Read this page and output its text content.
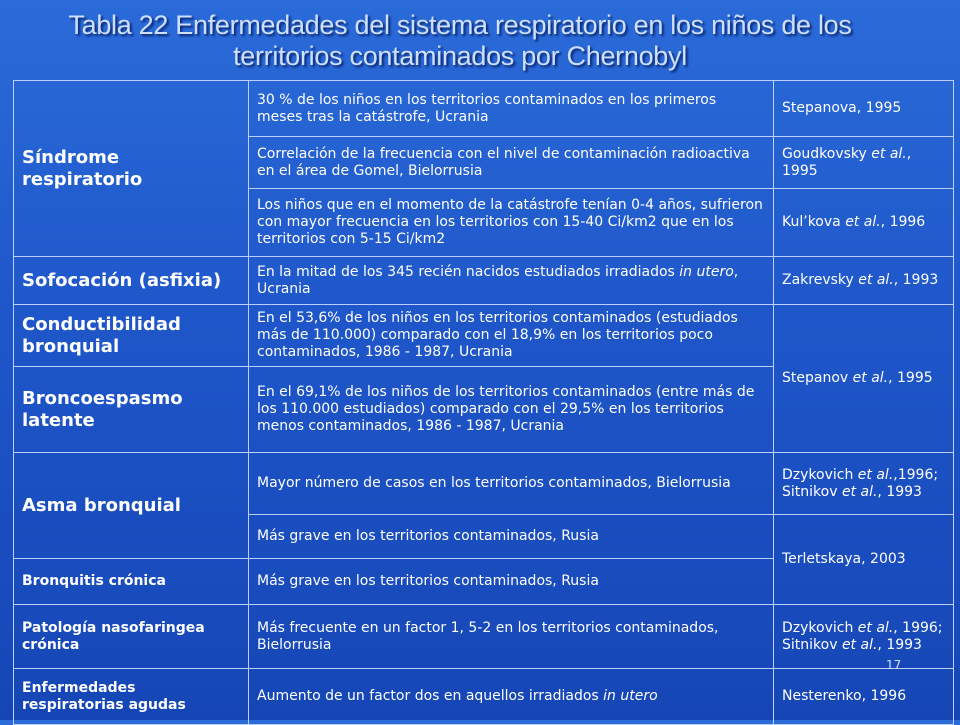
Tabla 22 Enfermedades del sistema respiratorio en los niños de los
territorios contaminados por Chernobyl
Síndrome respiratorio	30 % de los niños en los territorios contaminados en los primeros meses tras la catástrofe, Ucrania	Stepanova, 1995
	Correlación de la frecuencia con el nivel de contaminación radioactiva en el área de Gomel, Bielorrusia	Goudkovsky et al., 1995
	Los niños que en el momento de la catástrofe tenían 0-4 años, sufrieron con mayor frecuencia en los territorios con 15-40 Ci/km2 que en los territorios con 5-15 Ci/km2	Kul’kova et al., 1996
Sofocación (asfixia)	En la mitad de los 345 recién nacidos estudiados irradiados in utero, Ucrania	Zakrevsky et al., 1993
Conductibilidad bronquial	En el 53,6% de los niños en los territorios contaminados (estudiados más de 110.000) comparado con el 18,9% en los territorios poco contaminados, 1986 - 1987, Ucrania	Stepanov et al., 1995
Broncoespasmo latente	En el 69,1% de los niños de los territorios contaminados (entre más de los 110.000 estudiados) comparado con el 29,5% en los territorios menos contaminados, 1986 - 1987, Ucrania	
Asma bronquial	Mayor número de casos en los territorios contaminados, Bielorrusia	Dzykovich et al.,1996; Sitnikov et al., 1993
	Más grave en los territorios contaminados, Rusia	Terletskaya, 2003
Bronquitis crónica	Más grave en los territorios contaminados, Rusia	
Patología nasofaringea crónica	Más frecuente en un factor 1, 5-2 en los territorios contaminados, Bielorrusia	Dzykovich et al., 1996; Sitnikov et al., 1993
Enfermedades respiratorias agudas	Aumento de un factor dos en aquellos irradiados in utero	Nesterenko, 1996
17
